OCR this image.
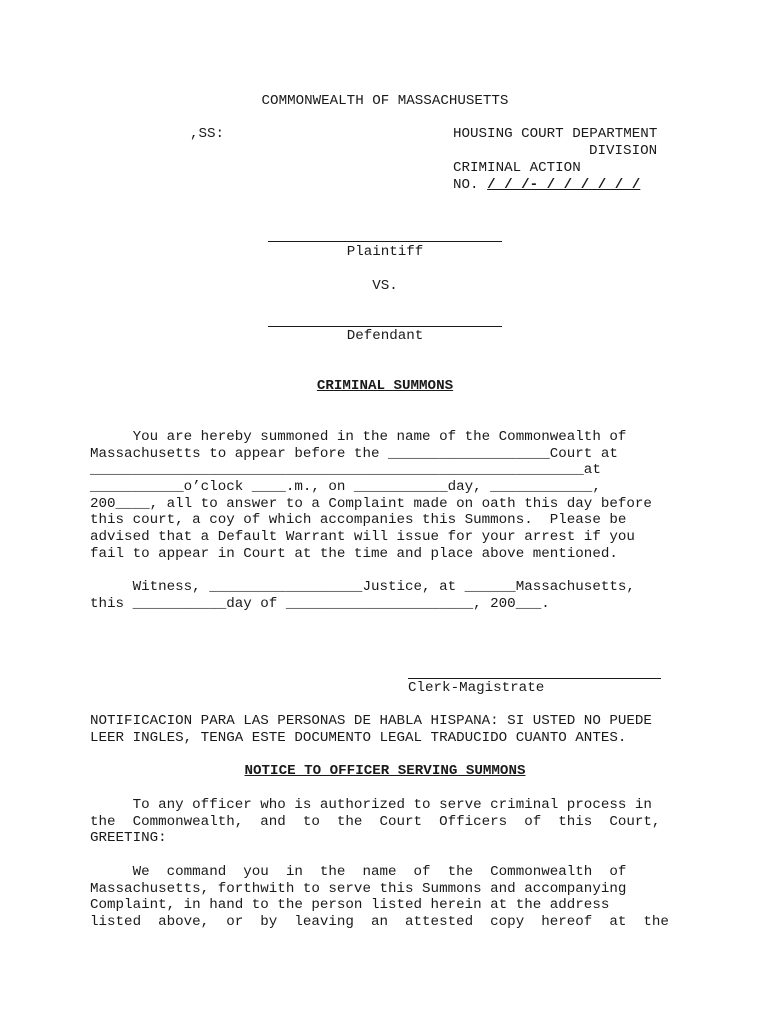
COMMONWEALTH OF MASSACHUSETTS
,SS:	HOUSING COURT DEPARTMENT
DIVISION
CRIMINAL ACTION
NO. / / /- / / / / / /
Plaintiff
VS.
Defendant
CRIMINAL SUMMONS
You are hereby summoned in the name of the Commonwealth of
Massachusetts to appear before the ___________________Court at
__________________________________________________________at
___________o’clock ____.m., on ___________day, ____________,
200____, all to answer to a Complaint made on oath this day before
this court, a coy of which accompanies this Summons.  Please be
advised that a Default Warrant will issue for your arrest if you
fail to appear in Court at the time and place above mentioned.
Witness, __________________Justice, at ______Massachusetts,
this ___________day of ______________________, 200___.
Clerk-Magistrate
NOTIFICACION PARA LAS PERSONAS DE HABLA HISPANA: SI USTED NO PUEDE
LEER INGLES, TENGA ESTE DOCUMENTO LEGAL TRADUCIDO CUANTO ANTES.
NOTICE TO OFFICER SERVING SUMMONS
To any officer who is authorized to serve criminal process in
the  Commonwealth,  and  to  the  Court  Officers  of  this  Court,
GREETING:
We  command  you  in  the  name  of  the  Commonwealth  of
Massachusetts, forthwith to serve this Summons and accompanying
Complaint, in hand to the person listed herein at the address
listed  above,  or  by  leaving  an  attested  copy  hereof  at  the
